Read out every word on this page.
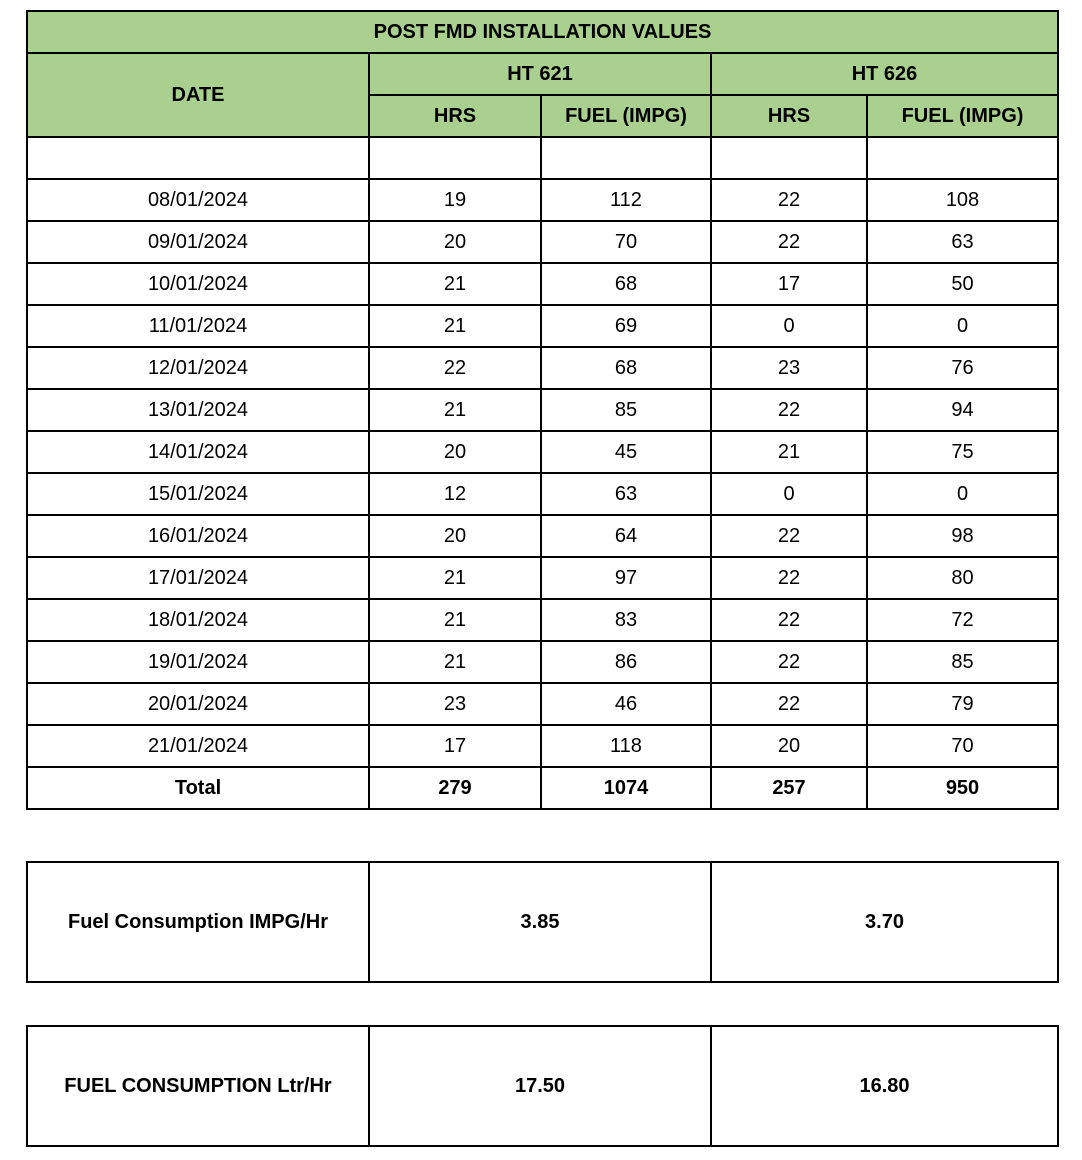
POST FMD INSTALLATION VALUES				
DATE	HT 621		HT 626	
	HRS	FUEL (IMPG)	HRS	FUEL (IMPG)

08/01/2024	19	112	22	108
09/01/2024	20	70	22	63
10/01/2024	21	68	17	50
11/01/2024	21	69	0	0
12/01/2024	22	68	23	76
13/01/2024	21	85	22	94
14/01/2024	20	45	21	75
15/01/2024	12	63	0	0
16/01/2024	20	64	22	98
17/01/2024	21	97	22	80
18/01/2024	21	83	22	72
19/01/2024	21	86	22	85
20/01/2024	23	46	22	79
21/01/2024	17	118	20	70
Total	279	1074	257	950
Fuel Consumption IMPG/Hr	3.85	3.70
FUEL CONSUMPTION Ltr/Hr	17.50	16.80
